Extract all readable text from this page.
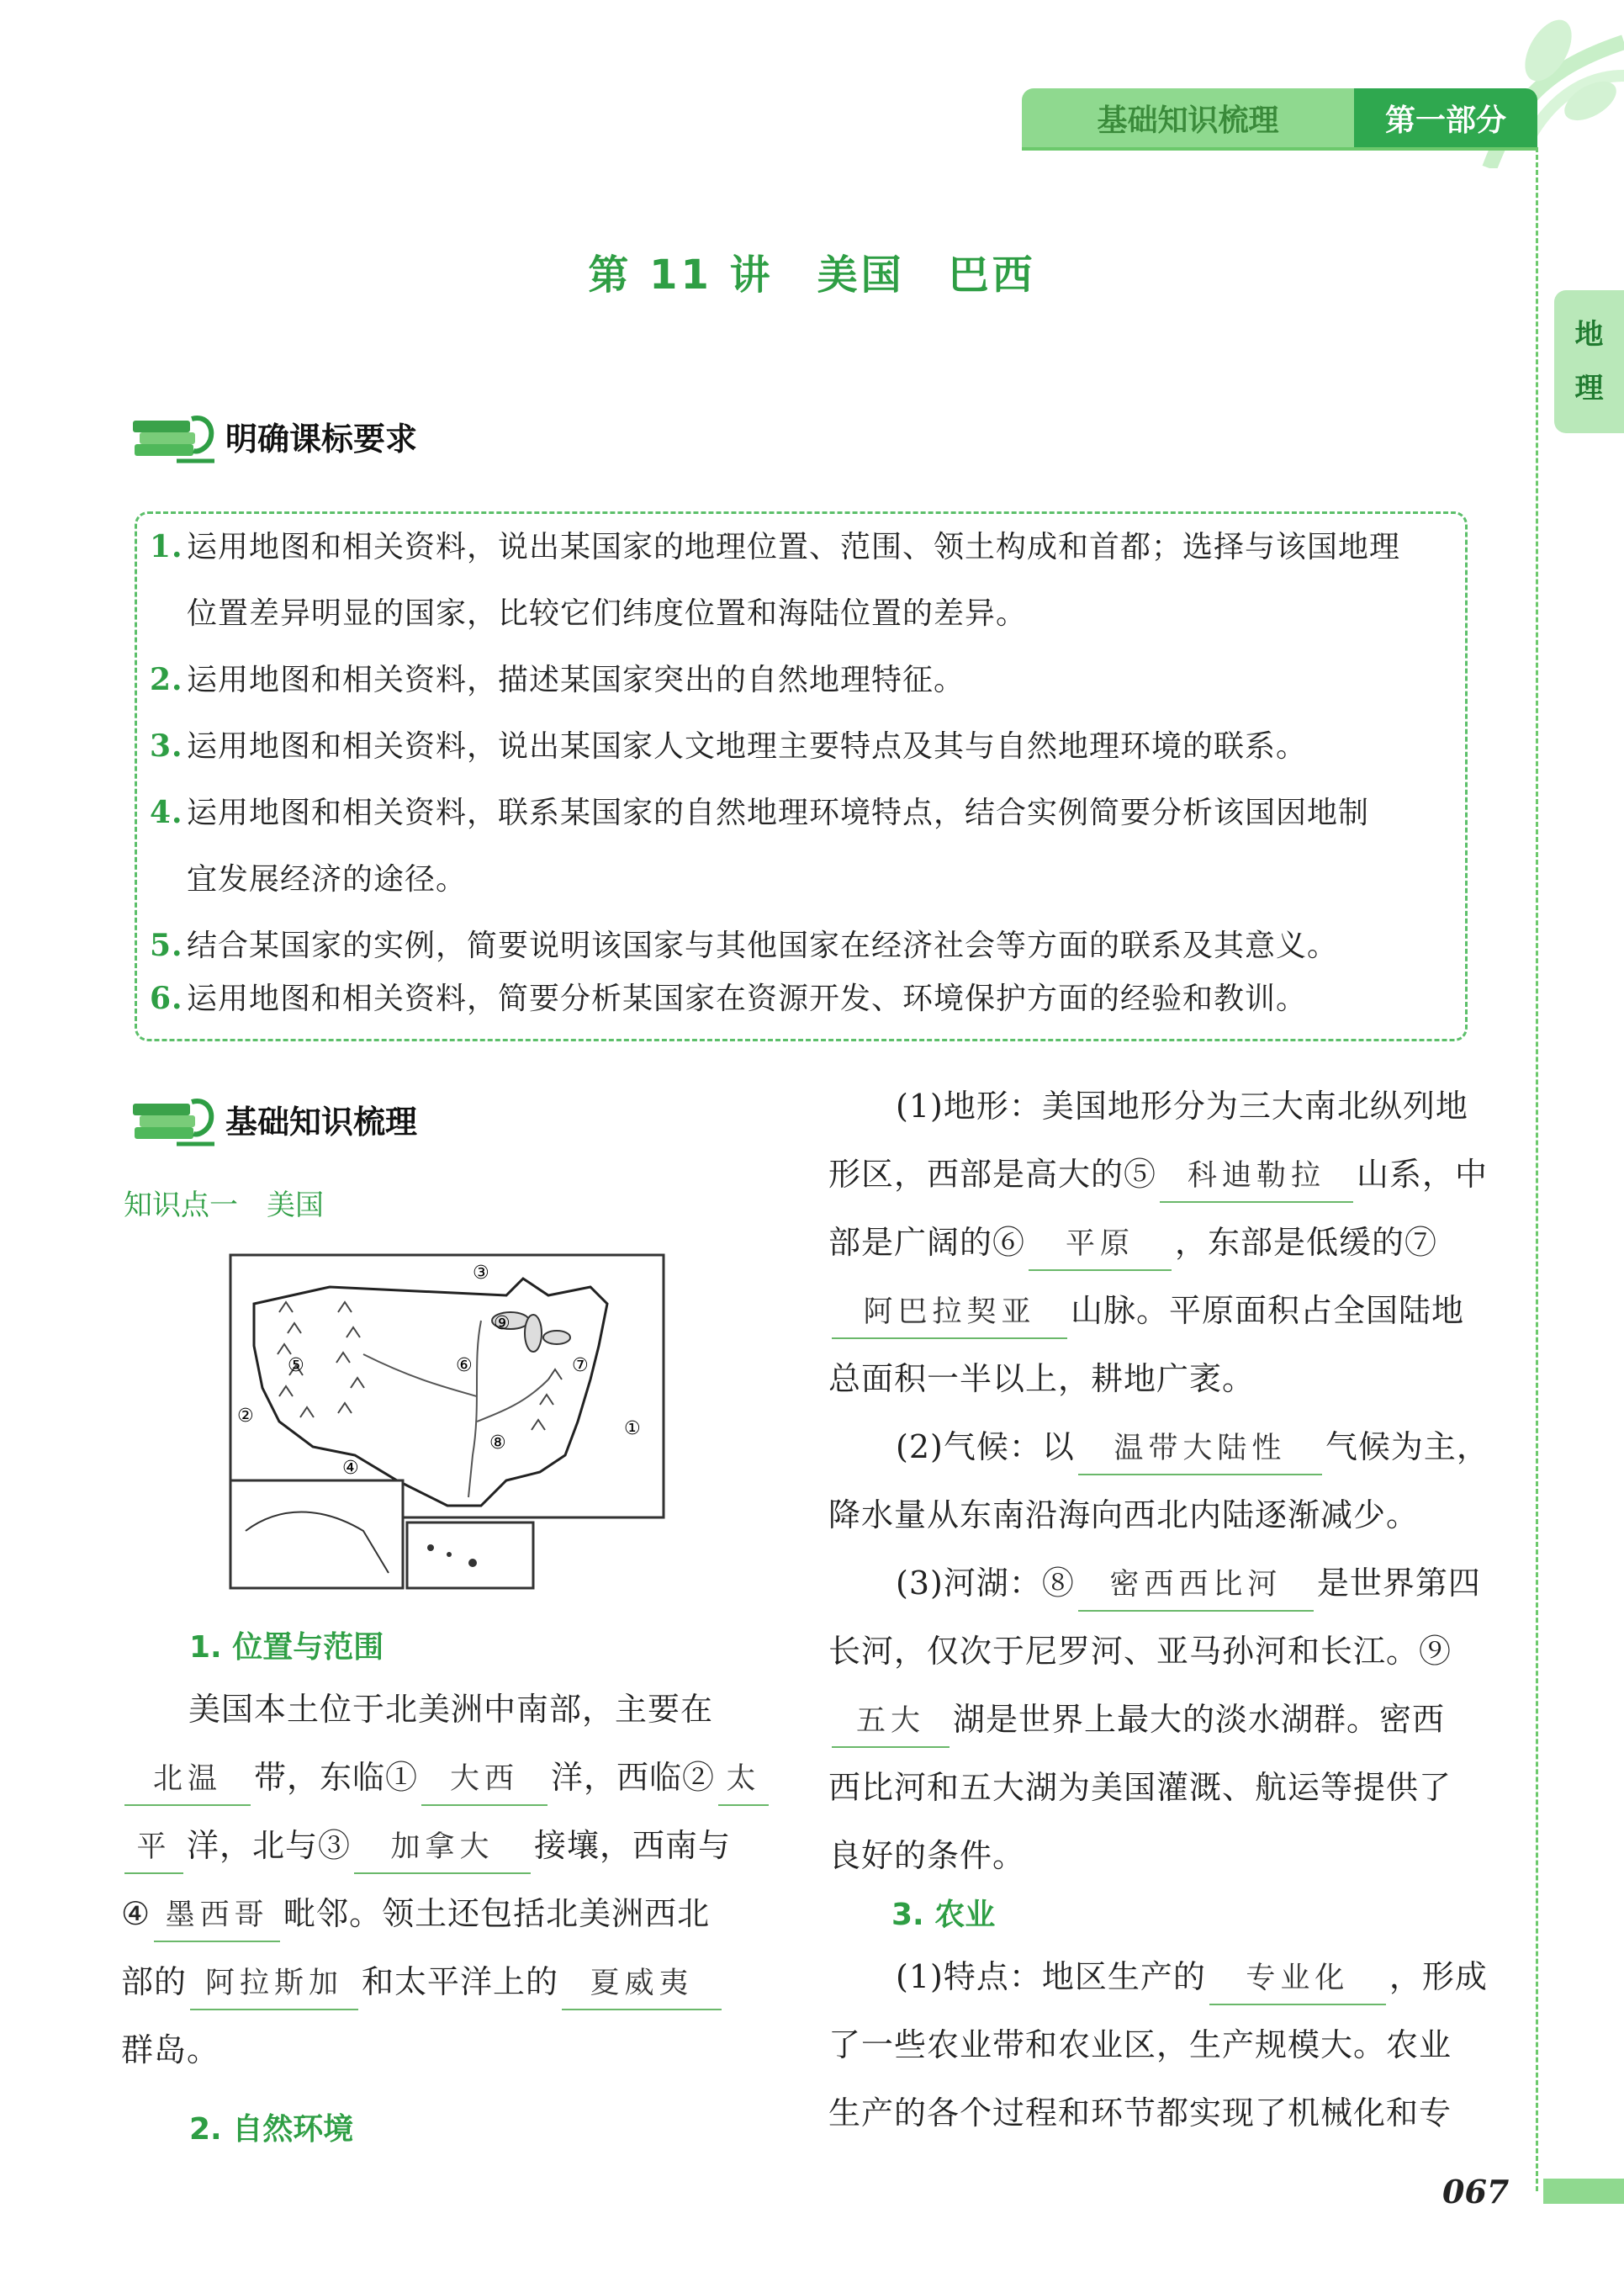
基础知识梳理	第一部分
地
理
第 11 讲　美国　巴西
明确课标要求
1. 运用地图和相关资料，说出某国家的地理位置、范围、领土构成和首都；选择与该国地理
位置差异明显的国家，比较它们纬度位置和海陆位置的差异。
2. 运用地图和相关资料，描述某国家突出的自然地理特征。
3. 运用地图和相关资料，说出某国家人文地理主要特点及其与自然地理环境的联系。
4. 运用地图和相关资料，联系某国家的自然地理环境特点，结合实例简要分析该国因地制
宜发展经济的途径。
5. 结合某国家的实例，简要说明该国家与其他国家在经济社会等方面的联系及其意义。
6. 运用地图和相关资料，简要分析某国家在资源开发、环境保护方面的经验和教训。
基础知识梳理
知识点一　美国
③
⑨
⑤	⑥	⑦
②
①
⑧
④
1. 位置与范围
美国本土位于北美洲中南部，主要在
北温 带，东临① 大西 洋，西临② 太
平 洋，北与③ 加拿大 接壤，西南与
④ 墨西哥 毗邻。领土还包括北美洲西北
部的 阿拉斯加 和太平洋上的 夏威夷
群岛。
2. 自然环境
(1)地形：美国地形分为三大南北纵列地
形区，西部是高大的⑤ 科迪勒拉 山系，中
部是广阔的⑥ 平原 ，东部是低缓的⑦
阿巴拉契亚 山脉。平原面积占全国陆地
总面积一半以上，耕地广袤。
(2)气候：以 温带大陆性 气候为主，
降水量从东南沿海向西北内陆逐渐减少。
(3)河湖：⑧ 密西西比河 是世界第四
长河，仅次于尼罗河、亚马孙河和长江。⑨
五大 湖是世界上最大的淡水湖群。密西
西比河和五大湖为美国灌溉、航运等提供了
良好的条件。
3. 农业
(1)特点：地区生产的 专业化 ，形成
了一些农业带和农业区，生产规模大。农业
生产的各个过程和环节都实现了机械化和专
067
